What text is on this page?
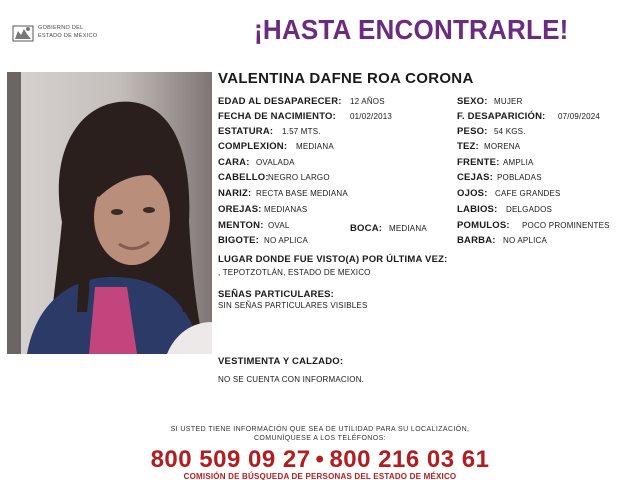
GOBIERNO DEL
ESTADO DE MÉXICO	¡HASTA ENCONTRARLE!
VALENTINA DAFNE ROA CORONA
EDAD AL DESAPARECER: 12 AÑOS
FECHA DE NACIMIENTO: 01/02/2013
ESTATURA: 1.57 MTS.
COMPLEXION: MEDIANA
CARA: OVALADA
CABELLO: NEGRO LARGO
NARIZ: RECTA BASE MEDIANA
OREJAS: MEDIANAS
MENTON: OVAL	BOCA: MEDIANA
BIGOTE: NO APLICA
SEXO: MUJER
F. DESAPARICIÓN: 07/09/2024
PESO: 54 KGS.
TEZ: MORENA
FRENTE: AMPLIA
CEJAS: POBLADAS
OJOS: CAFE GRANDES
LABIOS: DELGADOS
POMULOS: POCO PROMINENTES
BARBA: NO APLICA
LUGAR DONDE FUE VISTO(A) POR ÚLTIMA VEZ:
, TEPOTZOTLÁN, ESTADO DE MEXICO
SEÑAS PARTICULARES:
SIN SEÑAS PARTICULARES VISIBLES
VESTIMENTA Y CALZADO:
NO SE CUENTA CON INFORMACION.
SI USTED TIENE INFORMACIÓN QUE SEA DE UTILIDAD PARA SU LOCALIZACIÓN,
COMUNÍQUESE A LOS TELÉFONOS:
800 509 09 27 • 800 216 03 61
COMISIÓN DE BÚSQUEDA DE PERSONAS DEL ESTADO DE MÉXICO
